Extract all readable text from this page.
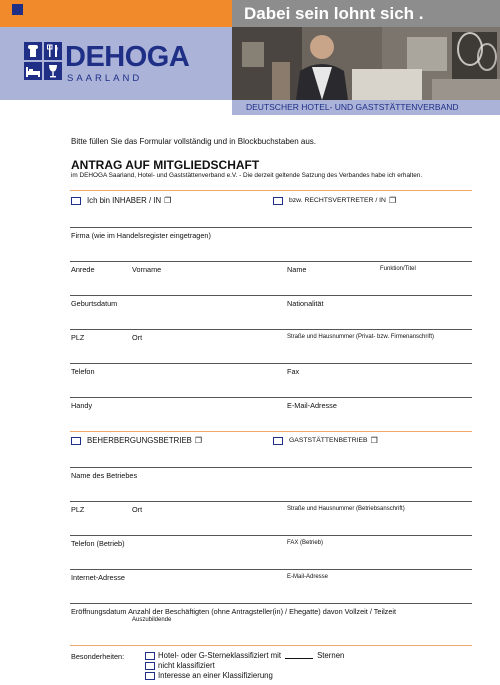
Dabei sein lohnt sich .
DEUTSCHER HOTEL- UND GASTSTÄTTENVERBAND
DEHOGA
SAARLAND
Bitte füllen Sie das Formular vollständig und in Blockbuchstaben aus.
ANTRAG AUF MITGLIEDSCHAFT
im DEHOGA Saarland, Hotel- und Gaststättenverband e.V. - Die derzeit geltende Satzung des Verbandes habe ich erhalten.
Ich bin INHABER / IN ❐	bzw. RECHTSVERTRETER / IN ❐
Firma (wie im Handelsregister eingetragen)
Anrede	Vorname	Name	Funktion/Titel
Geburtsdatum	Nationalität
PLZ	Ort	Straße und Hausnummer (Privat- bzw. Firmenanschrift)
Telefon	Fax
Handy	E-Mail-Adresse
BEHERBERGUNGSBETRIEB ❐	GASTSTÄTTENBETRIEB ❐
Name des Betriebes
PLZ	Ort	Straße und Hausnummer (Betriebsanschrift)
Telefon (Betrieb)	FAX (Betrieb)
Internet-Adresse	E-Mail-Adresse
Eröffnungsdatum Anzahl der Beschäftigten (ohne Antragsteller(in) / Ehegatte) davon Vollzeit / Teilzeit
Auszubildende
Besonderheiten:	Hotel- oder G-Sterneklassifiziert mit	Sternen
nicht klassifiziert
Interesse an einer Klassifizierung
